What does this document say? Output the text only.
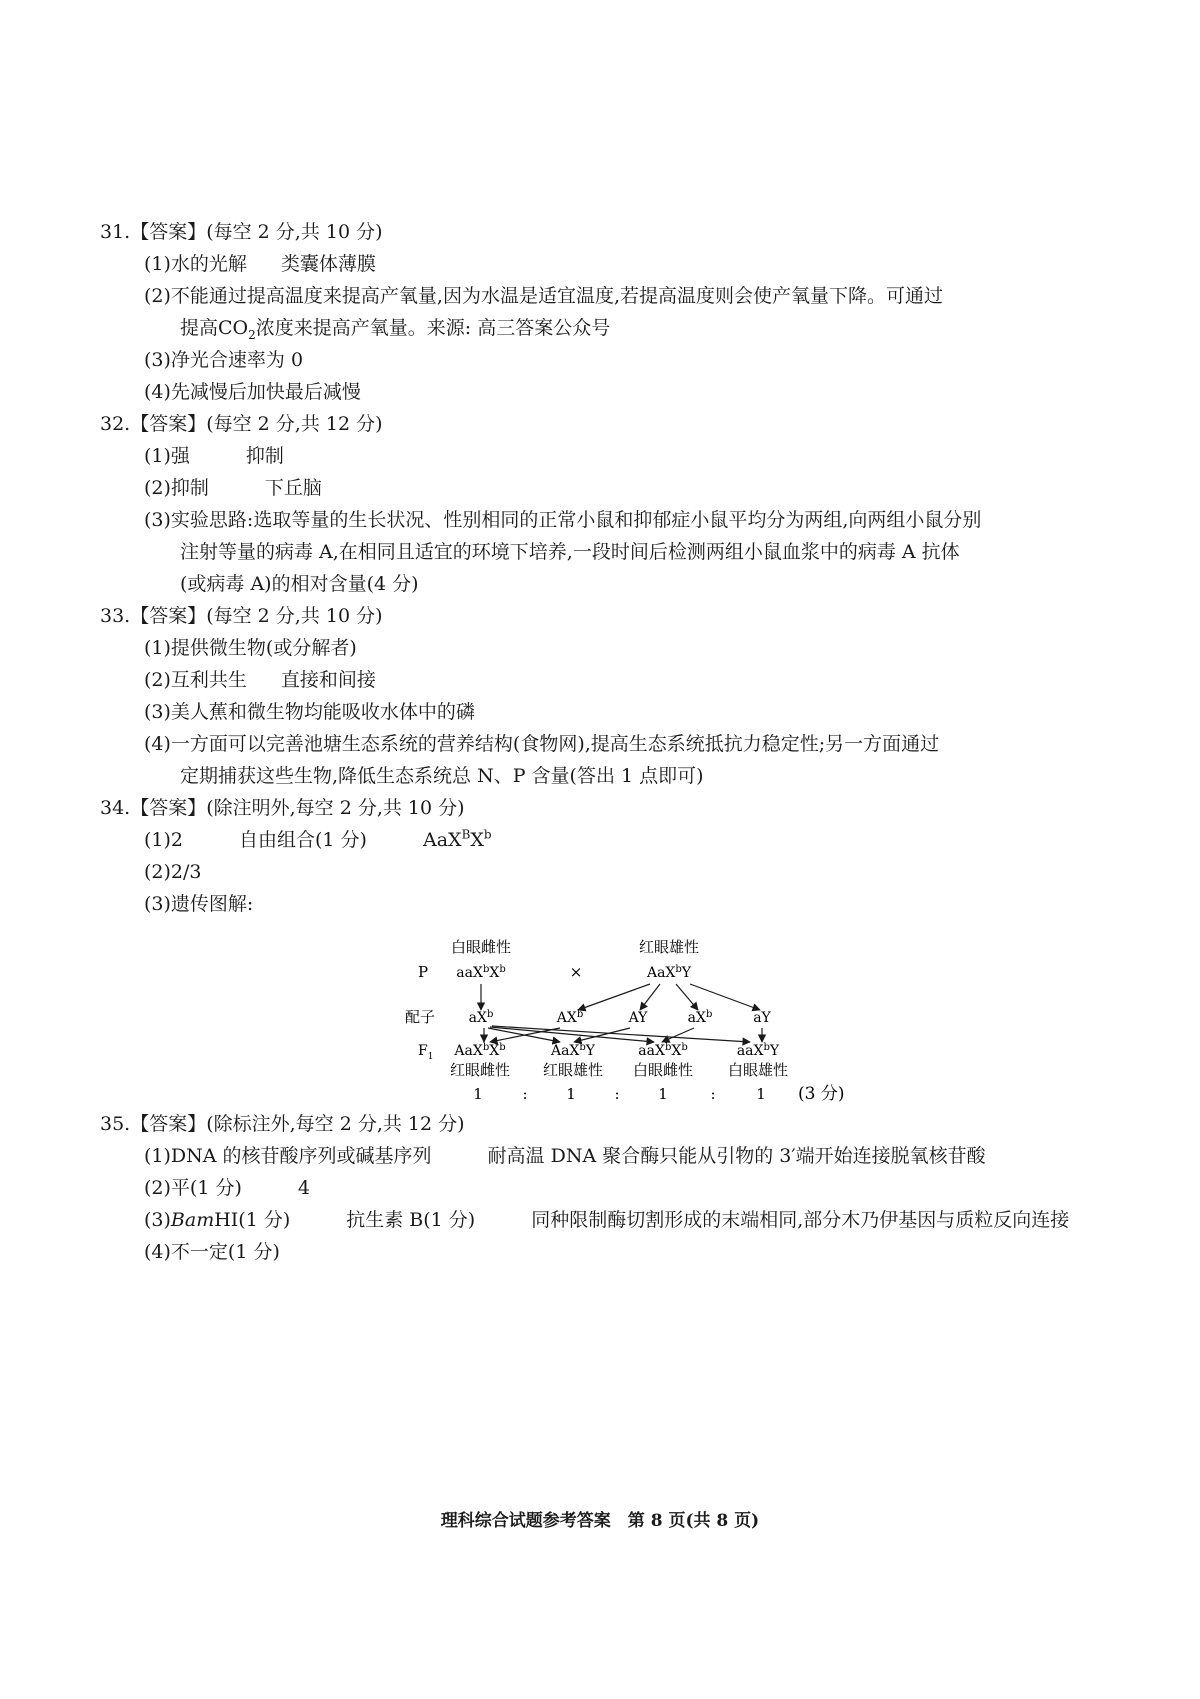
31.【答案】(每空 2 分,共 10 分)
(1)水的光解 类囊体薄膜
(2)不能通过提高温度来提高产氧量,因为水温是适宜温度,若提高温度则会使产氧量下降。可通过
提高$CO_2$浓度来提高产氧量。来源: 高三答案公众号
(3)净光合速率为 0
(4)先减慢后加快最后减慢
32.【答案】(每空 2 分,共 12 分)
(1)强	抑制
(2)抑制	下丘脑
(3)实验思路:选取等量的生长状况、性别相同的正常小鼠和抑郁症小鼠平均分为两组,向两组小鼠分别
注射等量的病毒 A,在相同且适宜的环境下培养,一段时间后检测两组小鼠血浆中的病毒 A 抗体
(或病毒 A)的相对含量(4 分)
33.【答案】(每空 2 分,共 10 分)
(1)提供微生物(或分解者)
(2)互利共生 直接和间接
(3)美人蕉和微生物均能吸收水体中的磷
(4)一方面可以完善池塘生态系统的营养结构(食物网),提高生态系统抵抗力稳定性;另一方面通过
定期捕获这些生物,降低生态系统总 N、P 含量(答出 1 点即可)
34.【答案】(除注明外,每空 2 分,共 10 分)
(1)2	自由组合(1 分)	$AaX^BX^b$
(2)2/3
(3)遗传图解:
白眼雌性	红眼雄性
P $aaX^bX^b$	×	AaX$^b$Y
配子 $aX^b$	$AX^b$	AY	$aX^b$	aY
$F_1$ $AaX^bX^b$	AaX$^b$Y	$aaX^bX^b$	aaX$^b$Y
红眼雌性 红眼雄性 白眼雌性 白眼雄性
1	:	1	:	1	:	1 (3 分)
35.【答案】(除标注外,每空 2 分,共 12 分)
(1)DNA 的核苷酸序列或碱基序列	耐高温 DNA 聚合酶只能从引物的 3′端开始连接脱氧核苷酸
(2)平(1 分)	4
(3)BamHI(1 分)	抗生素 B(1 分)	同种限制酶切割形成的末端相同,部分木乃伊基因与质粒反向连接
(4)不一定(1 分)
理科综合试题参考答案　第 8 页(共 8 页)
